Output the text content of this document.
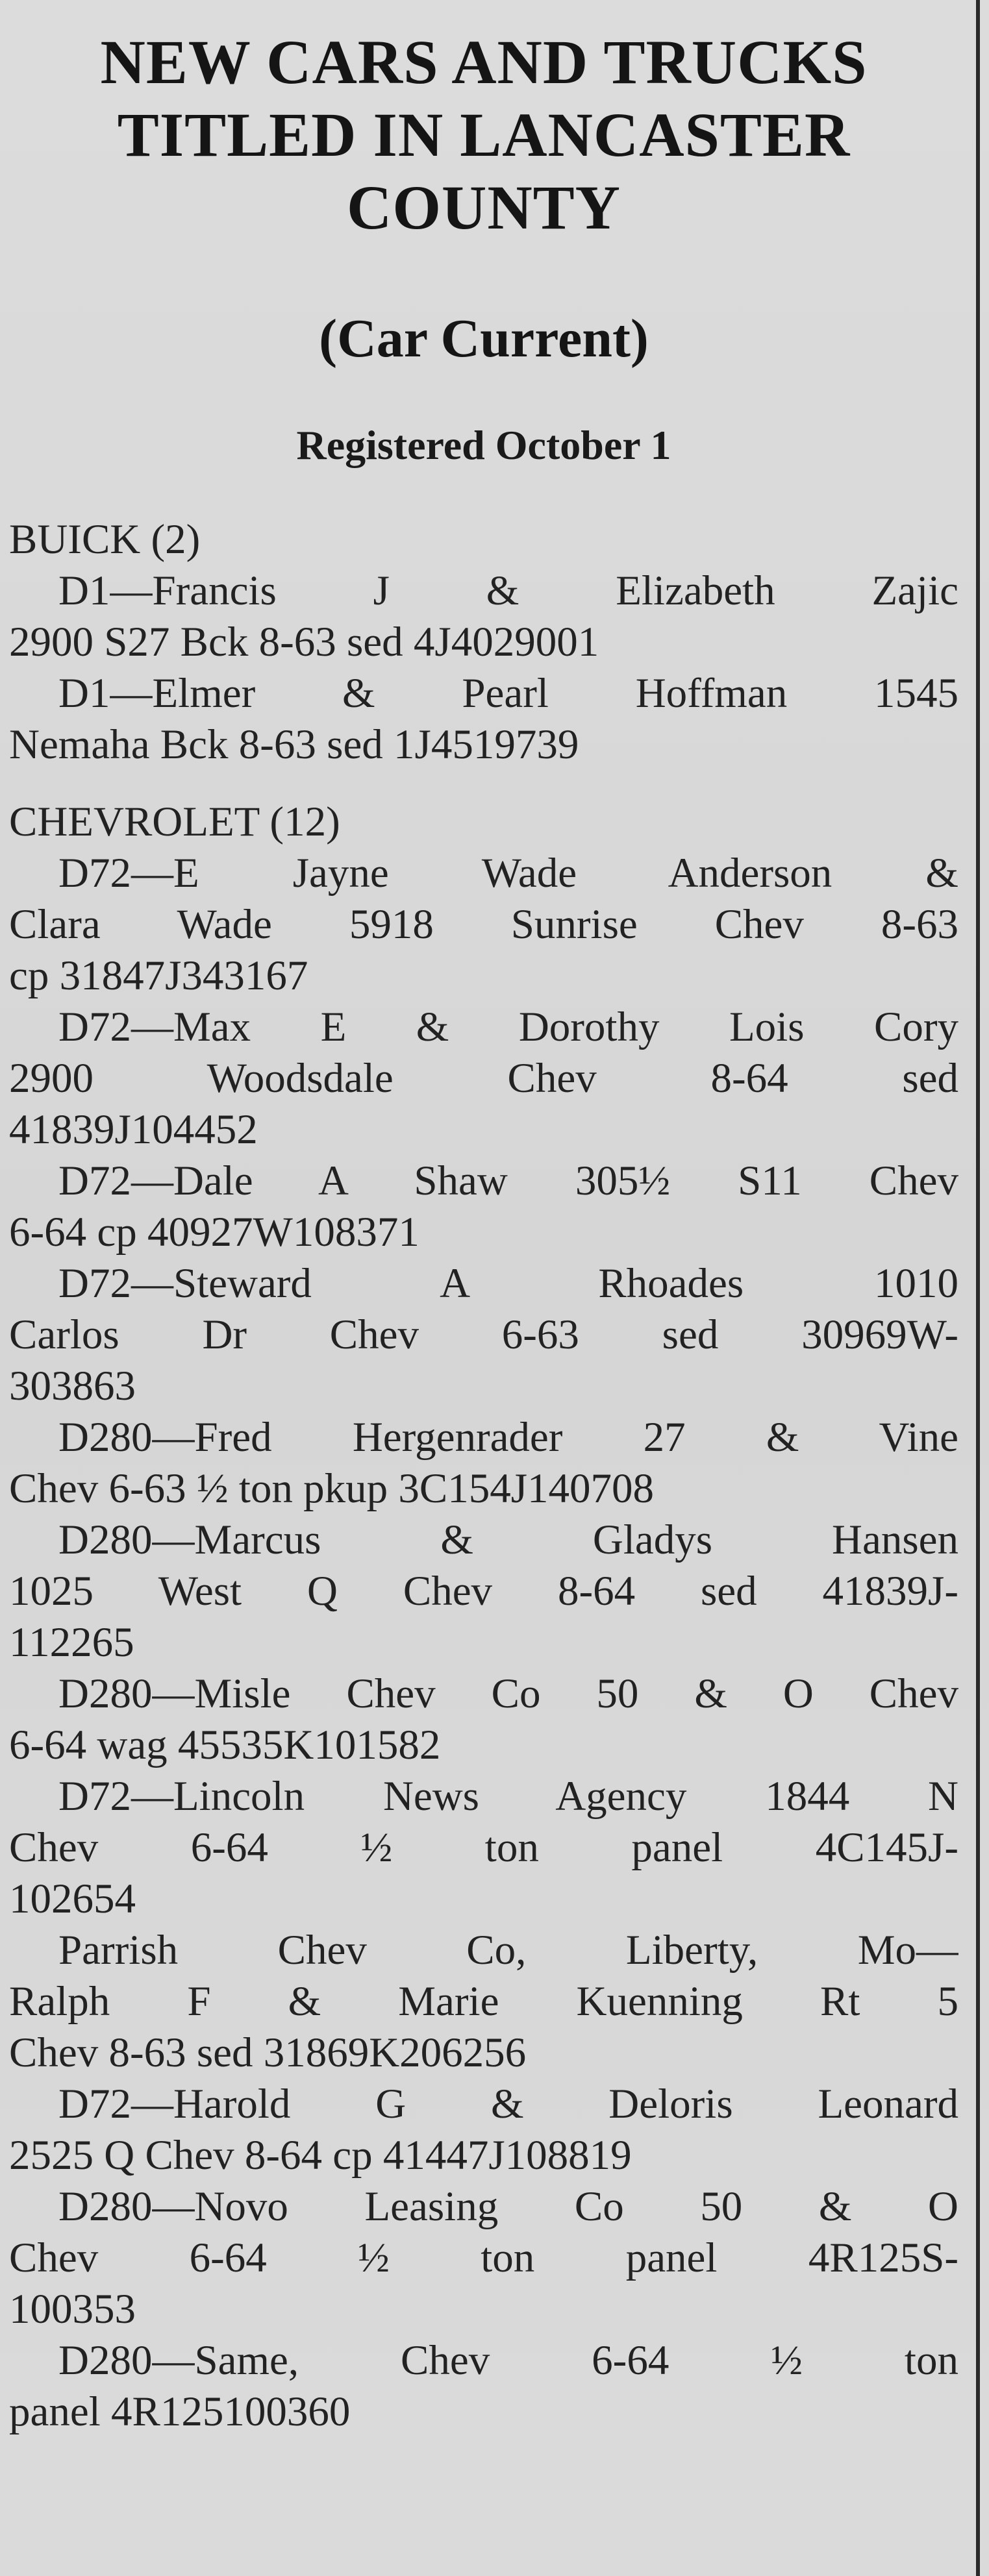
NEW CARS AND TRUCKS
TITLED IN LANCASTER
COUNTY
(Car Current)
Registered October 1
BUICK (2)
D1—Francis J & Elizabeth Zajic
2900 S27 Bck 8-63 sed 4J4029001
D1—Elmer & Pearl Hoffman 1545
Nemaha Bck 8-63 sed 1J4519739
CHEVROLET (12)
D72—E Jayne Wade Anderson &
Clara Wade 5918 Sunrise Chev 8-63
cp 31847J343167
D72—Max E & Dorothy Lois Cory
2900 Woodsdale Chev 8-64 sed
41839J104452
D72—Dale A Shaw 305½ S11 Chev
6-64 cp 40927W108371
D72—Steward A Rhoades 1010
Carlos Dr Chev 6-63 sed 30969W-
303863
D280—Fred Hergenrader 27 & Vine
Chev 6-63 ½ ton pkup 3C154J140708
D280—Marcus & Gladys Hansen
1025 West Q Chev 8-64 sed 41839J-
112265
D280—Misle Chev Co 50 & O Chev
6-64 wag 45535K101582
D72—Lincoln News Agency 1844 N
Chev 6-64 ½ ton panel 4C145J-
102654
Parrish Chev Co, Liberty, Mo—
Ralph F & Marie Kuenning Rt 5
Chev 8-63 sed 31869K206256
D72—Harold G & Deloris Leonard
2525 Q Chev 8-64 cp 41447J108819
D280—Novo Leasing Co 50 & O
Chev 6-64 ½ ton panel 4R125S-
100353
D280—Same, Chev 6-64 ½ ton
panel 4R125100360
